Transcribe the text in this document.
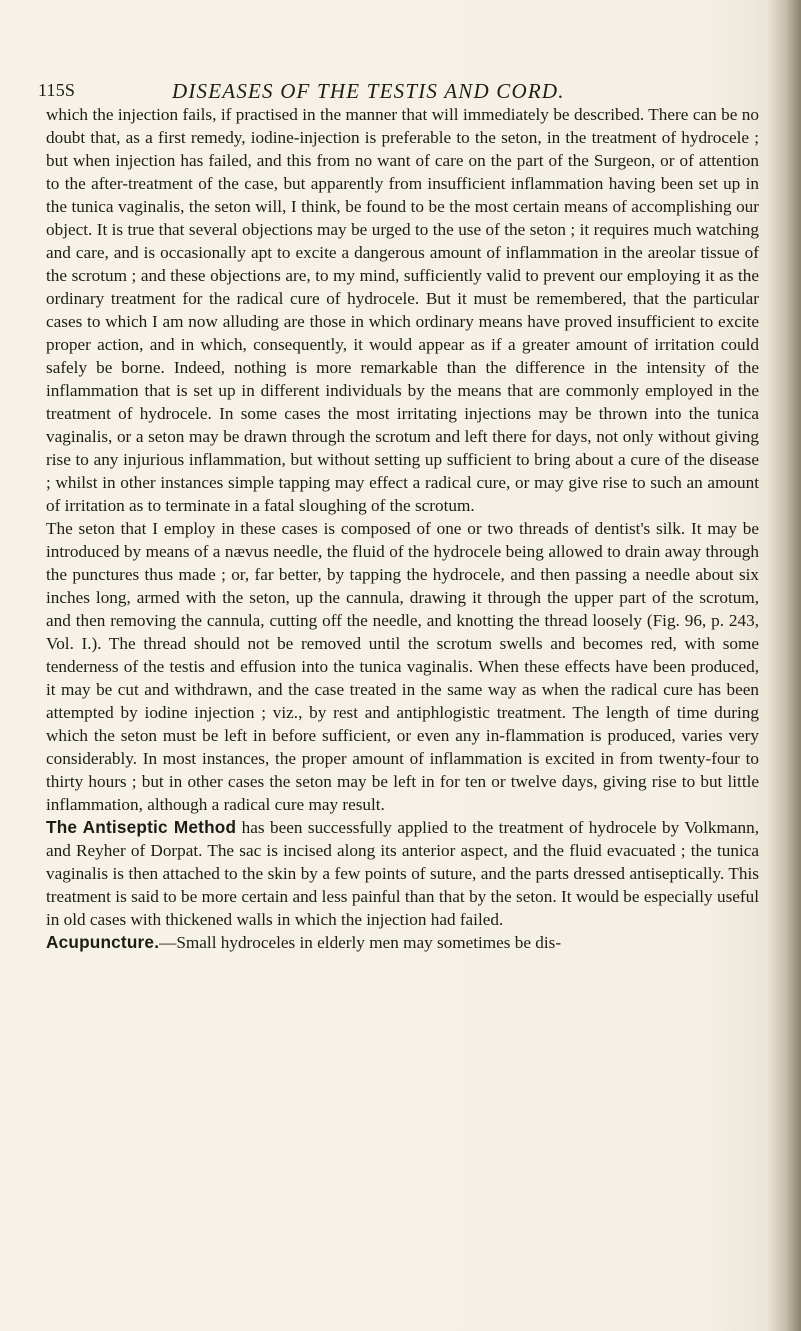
115S	DISEASES OF THE TESTIS AND CORD.

which the injection fails, if practised in the manner that will immediately be described. There can be no doubt that, as a first remedy, iodine-injection is preferable to the seton, in the treatment of hydrocele ; but when injection has failed, and this from no want of care on the part of the Surgeon, or of attention to the after-treatment of the case, but apparently from insufficient inflammation having been set up in the tunica vaginalis, the seton will, I think, be found to be the most certain means of accomplishing our object. It is true that several objections may be urged to the use of the seton ; it requires much watching and care, and is occasionally apt to excite a dangerous amount of inflammation in the areolar tissue of the scrotum ; and these objections are, to my mind, sufficiently valid to prevent our employing it as the ordinary treatment for the radical cure of hydrocele. But it must be remembered, that the particular cases to which I am now alluding are those in which ordinary means have proved insufficient to excite proper action, and in which, consequently, it would appear as if a greater amount of irritation could safely be borne. Indeed, nothing is more remarkable than the difference in the intensity of the inflammation that is set up in different individuals by the means that are commonly employed in the treatment of hydrocele. In some cases the most irritating injections may be thrown into the tunica vaginalis, or a seton may be drawn through the scrotum and left there for days, not only without giving rise to any injurious inflammation, but without setting up sufficient to bring about a cure of the disease ; whilst in other instances simple tapping may effect a radical cure, or may give rise to such an amount of irritation as to terminate in a fatal sloughing of the scrotum.

The seton that I employ in these cases is composed of one or two threads of dentist's silk. It may be introduced by means of a nævus needle, the fluid of the hydrocele being allowed to drain away through the punctures thus made ; or, far better, by tapping the hydrocele, and then passing a needle about six inches long, armed with the seton, up the cannula, drawing it through the upper part of the scrotum, and then removing the cannula, cutting off the needle, and knotting the thread loosely (Fig. 96, p. 243, Vol. I.). The thread should not be removed until the scrotum swells and becomes red, with some tenderness of the testis and effusion into the tunica vaginalis. When these effects have been produced, it may be cut and withdrawn, and the case treated in the same way as when the radical cure has been attempted by iodine injection ; viz., by rest and antiphlogistic treatment. The length of time during which the seton must be left in before sufficient, or even any in-flammation is produced, varies very considerably. In most instances, the proper amount of inflammation is excited in from twenty-four to thirty hours ; but in other cases the seton may be left in for ten or twelve days, giving rise to but little inflammation, although a radical cure may result.

The Antiseptic Method has been successfully applied to the treatment of hydrocele by Volkmann, and Reyher of Dorpat. The sac is incised along its anterior aspect, and the fluid evacuated ; the tunica vaginalis is then attached to the skin by a few points of suture, and the parts dressed antiseptically. This treatment is said to be more certain and less painful than that by the seton. It would be especially useful in old cases with thickened walls in which the injection had failed.

Acupuncture.—Small hydroceles in elderly men may sometimes be dis-
